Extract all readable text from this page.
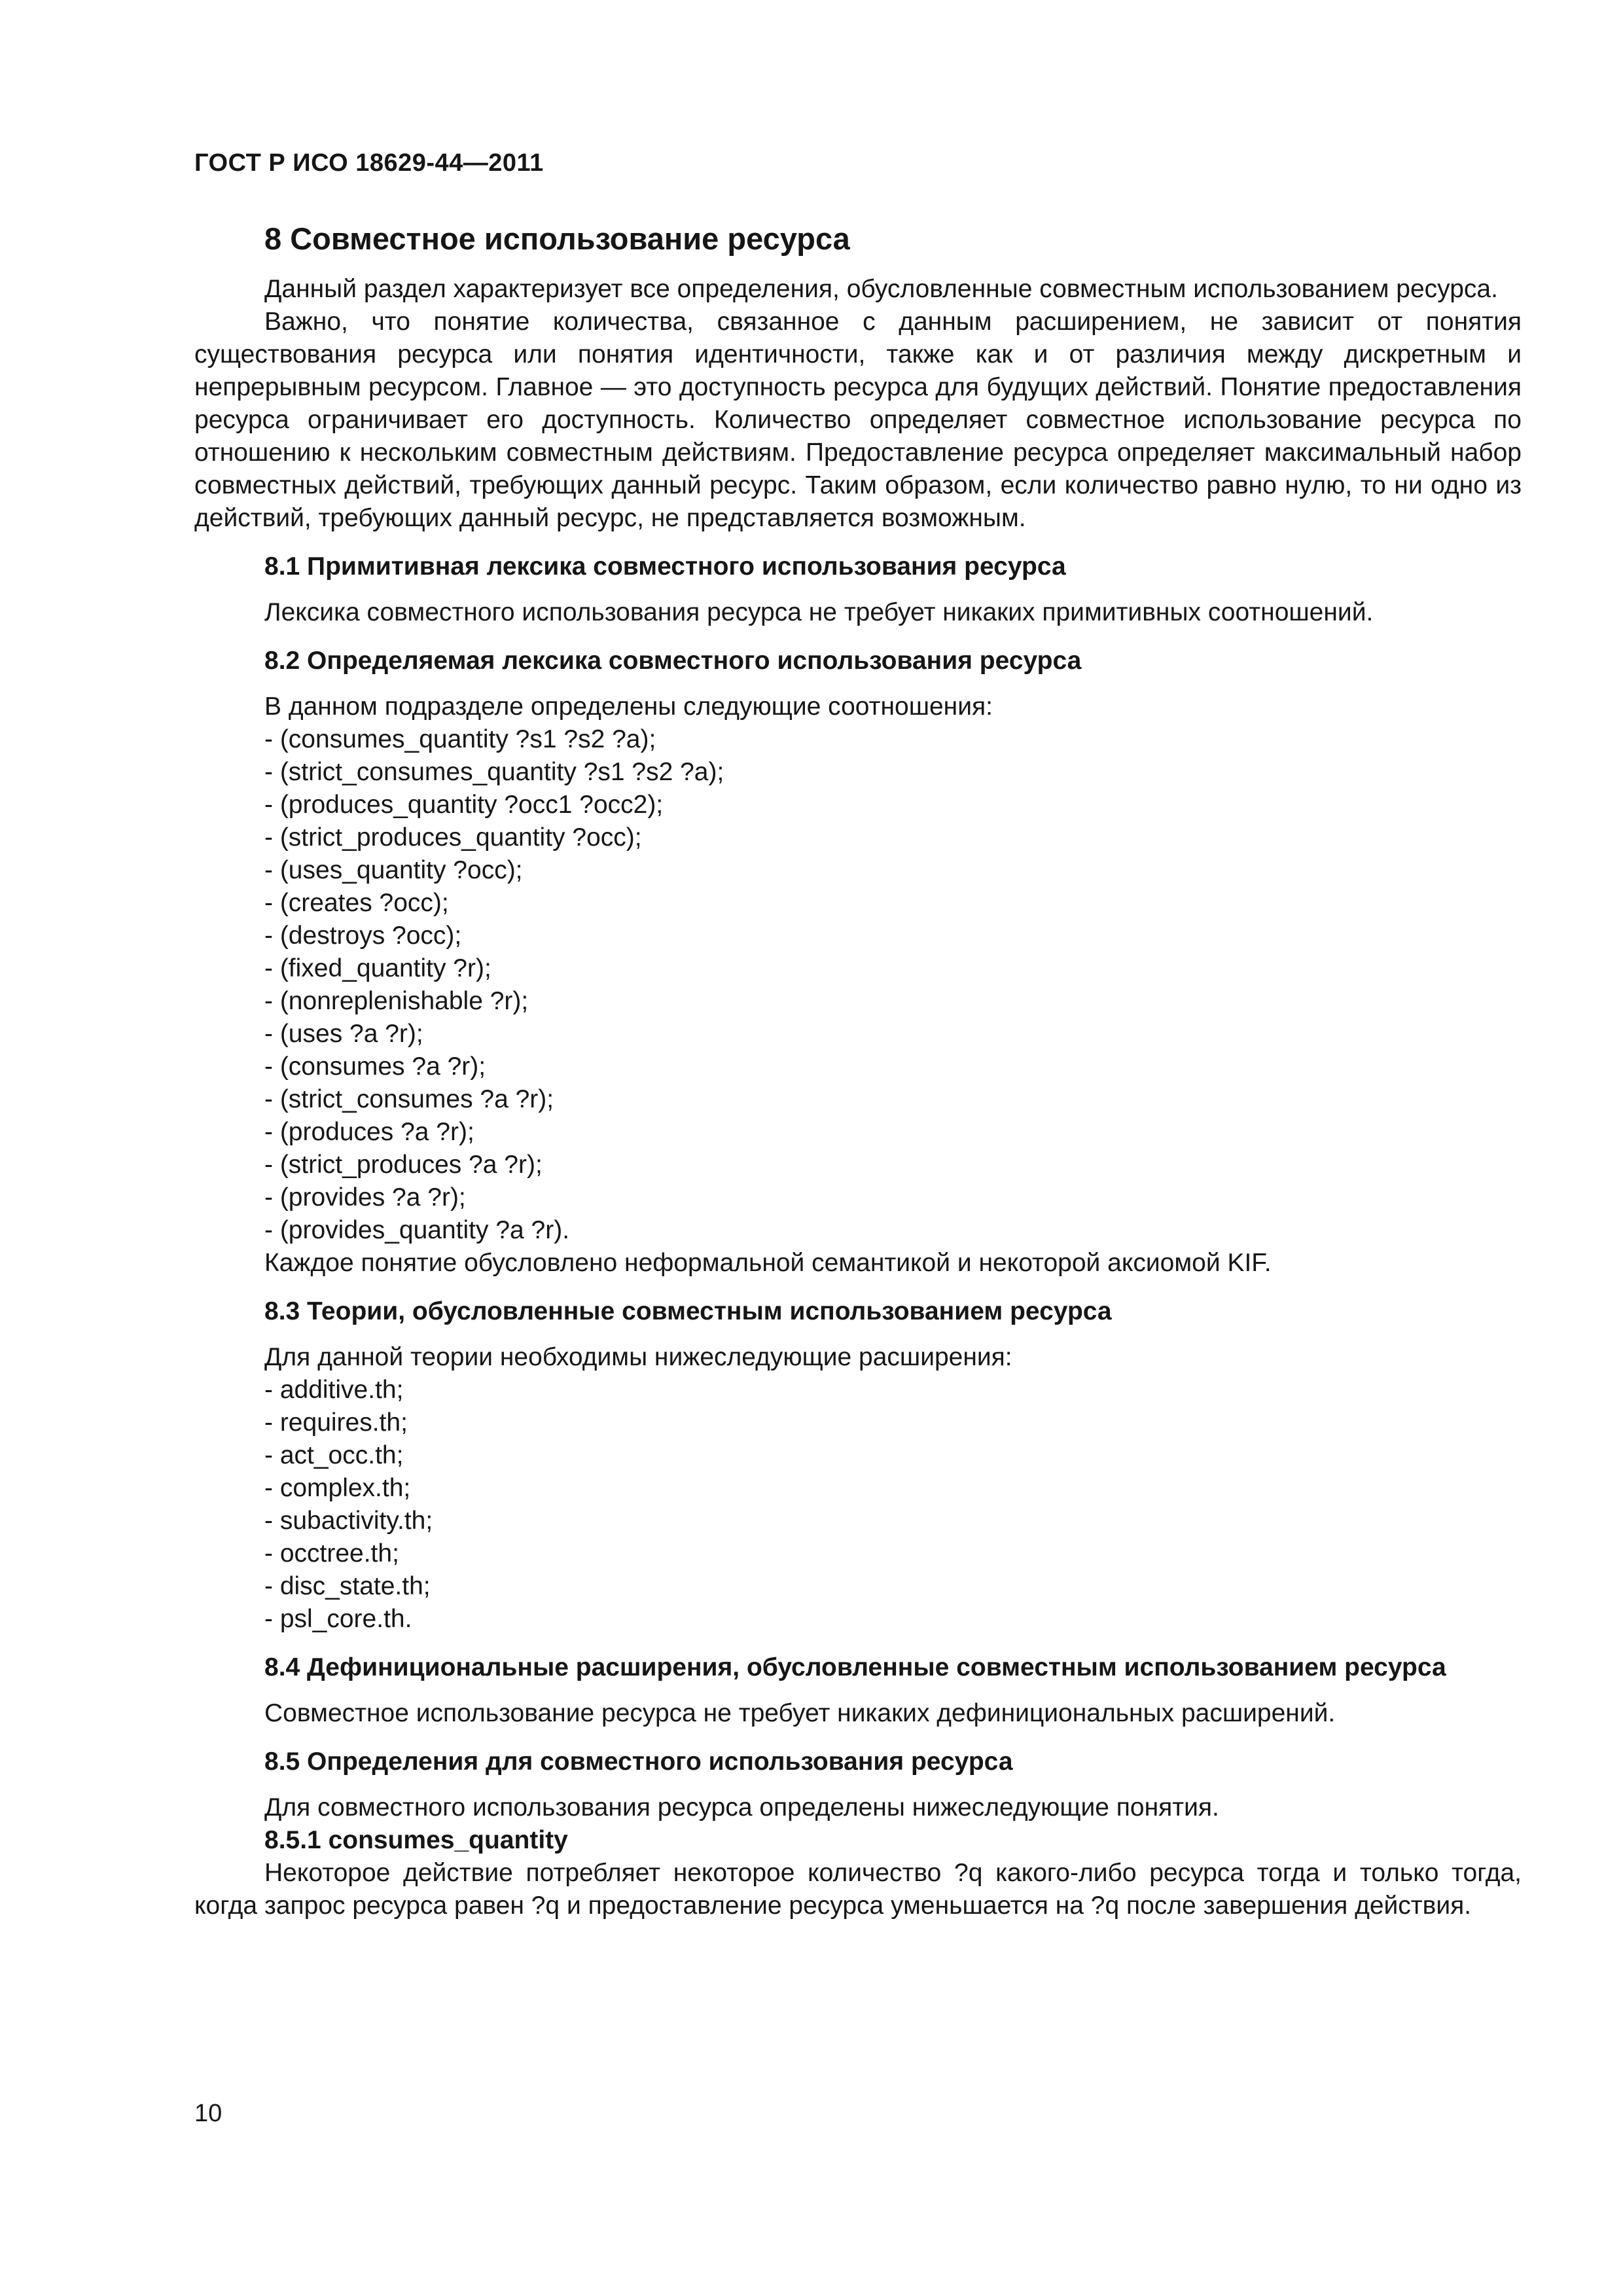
ГОСТ Р ИСО 18629-44—2011
8 Совместное использование ресурса

Данный раздел характеризует все определения, обусловленные совместным использованием ресурса.

Важно, что понятие количества, связанное с данным расширением, не зависит от понятия существования ресурса или понятия идентичности, также как и от различия между дискретным и непрерывным ресурсом. Главное — это доступность ресурса для будущих действий. Понятие предоставления ресурса ограничивает его доступность. Количество определяет совместное использование ресурса по отношению к нескольким совместным действиям. Предоставление ресурса определяет максимальный набор совместных действий, требующих данный ресурс. Таким образом, если количество равно нулю, то ни одно из действий, требующих данный ресурс, не представляется возможным.

8.1 Примитивная лексика совместного использования ресурса

Лексика совместного использования ресурса не требует никаких примитивных соотношений.

8.2 Определяемая лексика совместного использования ресурса

В данном подразделе определены следующие соотношения:

- (consumes_quantity ?s1 ?s2 ?a);
- (strict_consumes_quantity ?s1 ?s2 ?a);
- (produces_quantity ?occ1 ?occ2);
- (strict_produces_quantity ?occ);
- (uses_quantity ?occ);
- (creates ?occ);
- (destroys ?occ);
- (fixed_quantity ?r);
- (nonreplenishable ?r);
- (uses ?a ?r);
- (consumes ?a ?r);
- (strict_consumes ?a ?r);
- (produces ?a ?r);
- (strict_produces ?a ?r);
- (provides ?a ?r);
- (provides_quantity ?a ?r).

Каждое понятие обусловлено неформальной семантикой и некоторой аксиомой KIF.

8.3 Теории, обусловленные совместным использованием ресурса

Для данной теории необходимы нижеследующие расширения:

- additive.th;
- requires.th;
- act_occ.th;
- complex.th;
- subactivity.th;
- occtree.th;
- disc_state.th;
- psl_core.th.
8.4 Дефинициональные расширения, обусловленные совместным использованием ресурса

Совместное использование ресурса не требует никаких дефинициональных расширений.

8.5 Определения для совместного использования ресурса

Для совместного использования ресурса определены нижеследующие понятия.

8.5.1 consumes_quantity

Некоторое действие потребляет некоторое количество ?q какого-либо ресурса тогда и только тогда, когда запрос ресурса равен ?q и предоставление ресурса уменьшается на ?q после завершения действия.

10
